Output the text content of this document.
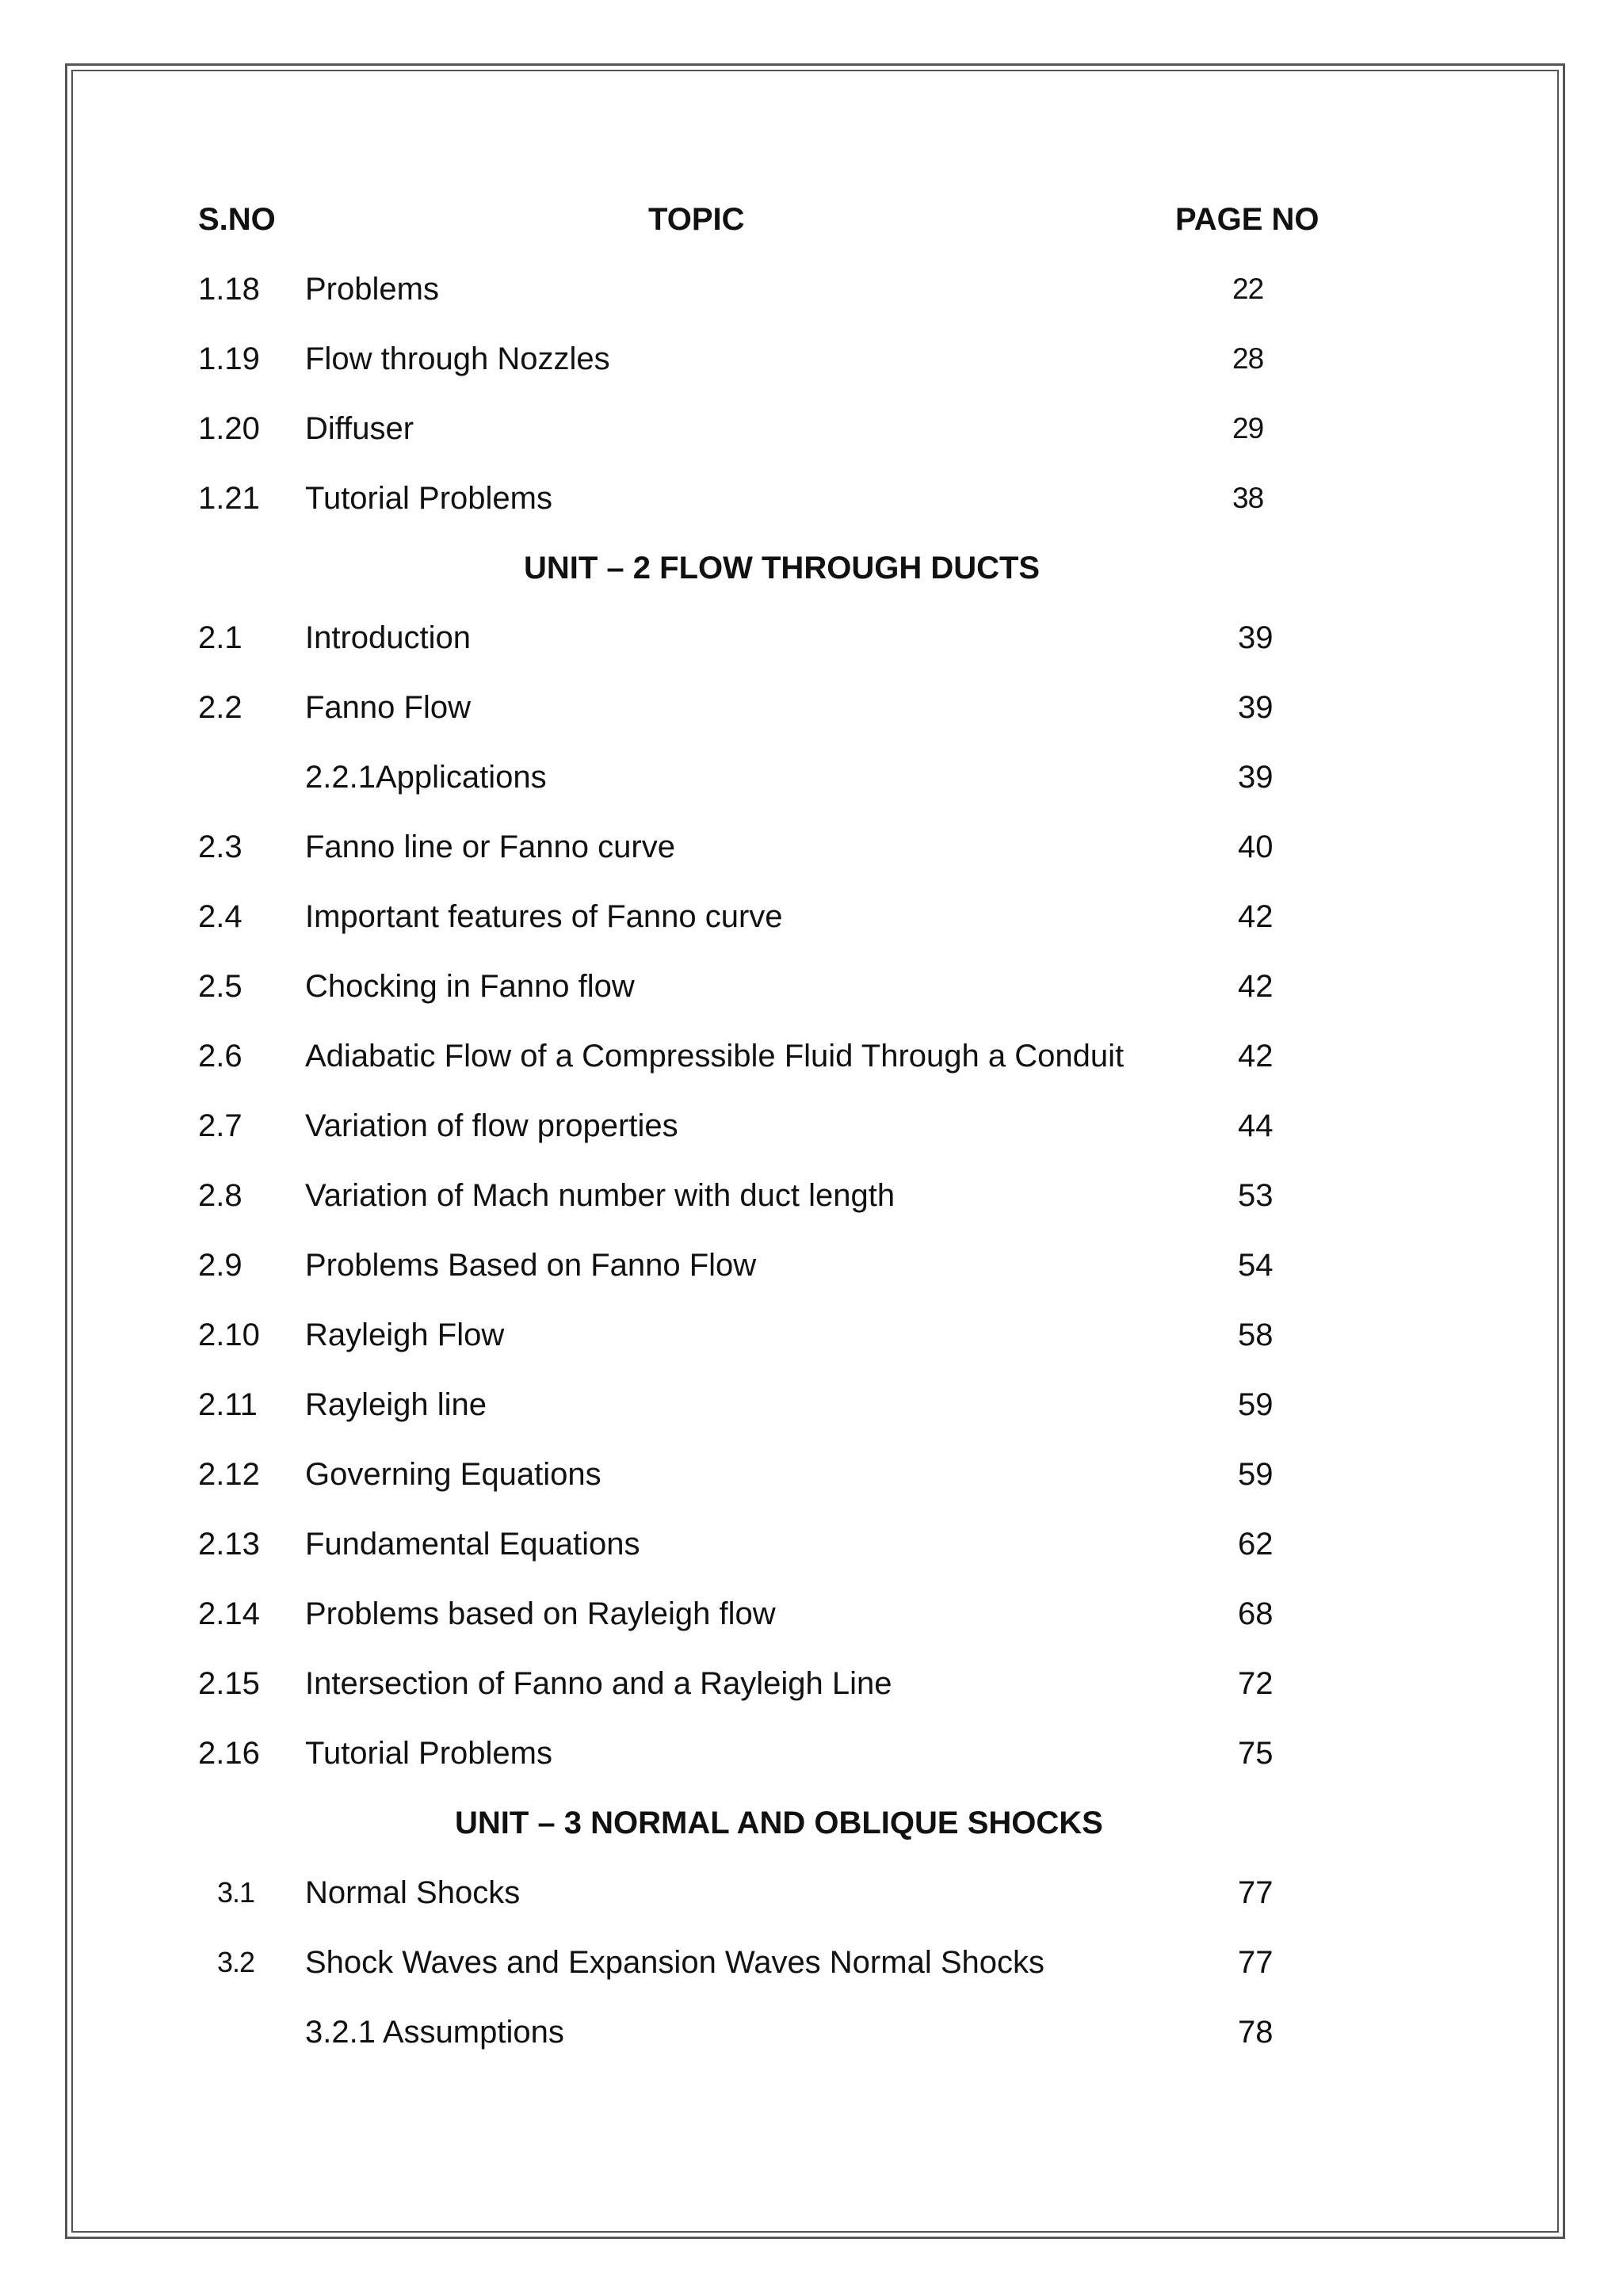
S.NO	TOPIC	PAGE NO
1.18 Problems	22
1.19 Flow through Nozzles	28
1.20 Diffuser	29
1.21 Tutorial Problems	38
UNIT – 2 FLOW THROUGH DUCTS
2.1 Introduction	39
2.2 Fanno Flow	39
2.2.1Applications	39
2.3 Fanno line or Fanno curve	40
2.4 Important features of Fanno curve	42
2.5 Chocking in Fanno flow	42
2.6 Adiabatic Flow of a Compressible Fluid Through a Conduit	42
2.7 Variation of flow properties	44
2.8 Variation of Mach number with duct length	53
2.9 Problems Based on Fanno Flow	54
2.10 Rayleigh Flow	58
2.11 Rayleigh line	59
2.12 Governing Equations	59
2.13 Fundamental Equations	62
2.14 Problems based on Rayleigh flow	68
2.15 Intersection of Fanno and a Rayleigh Line	72
2.16 Tutorial Problems	75
UNIT – 3 NORMAL AND OBLIQUE SHOCKS
3.1 Normal Shocks	77
3.2 Shock Waves and Expansion Waves Normal Shocks	77
3.2.1 Assumptions	78
